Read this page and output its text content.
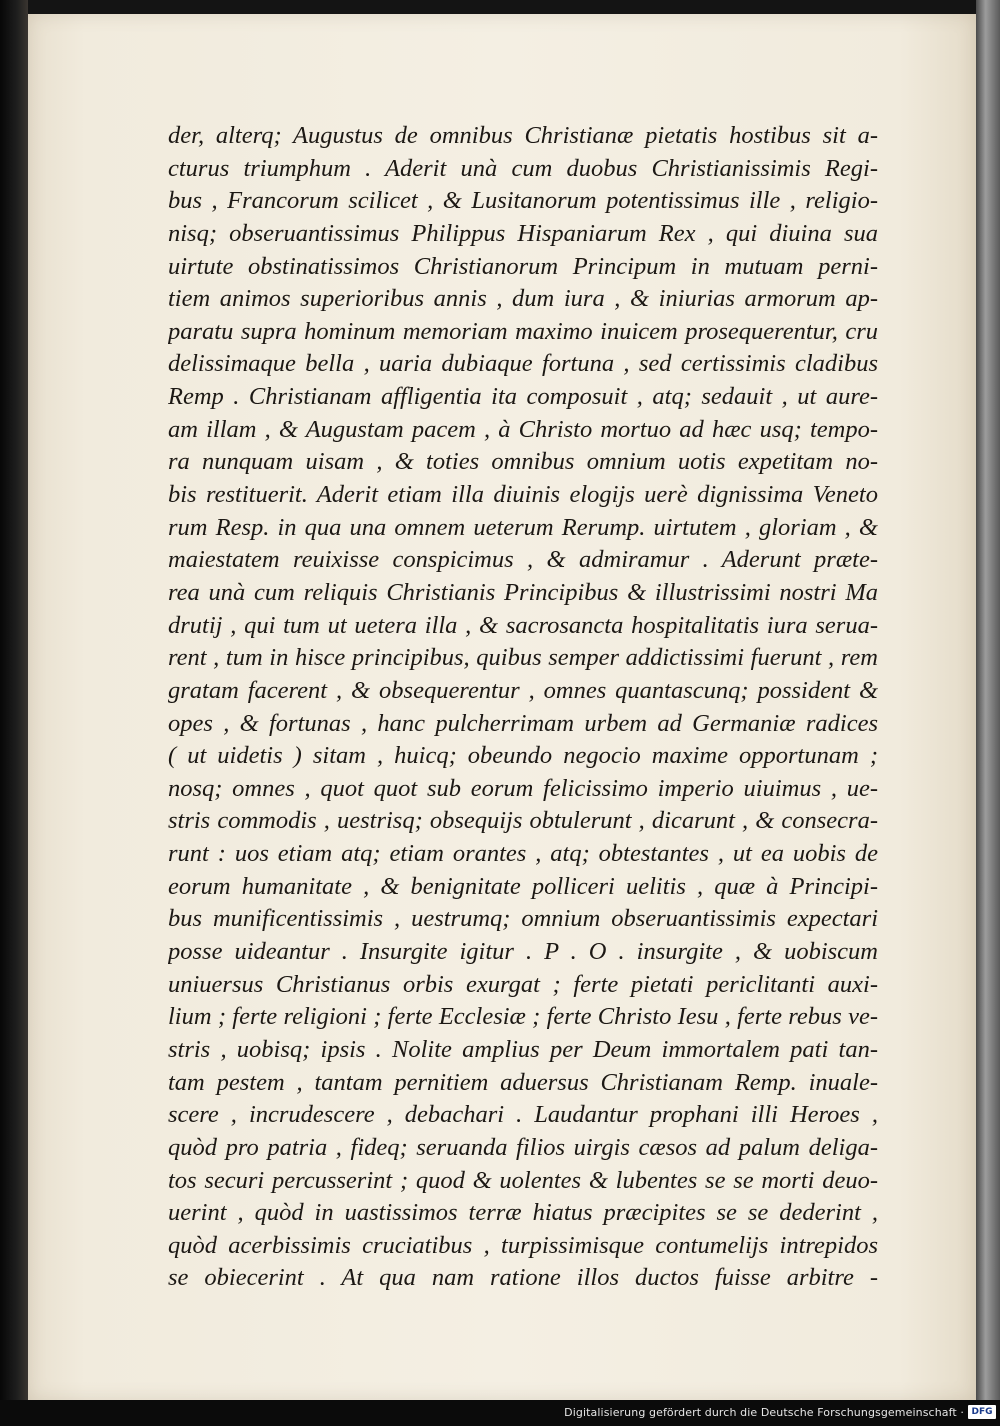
der, alterq; Augustus de omnibus Christianæ pietatis hostibus sit a-
cturus triumphum . Aderit unà cum duobus Christianissimis Regi-
bus , Francorum scilicet , & Lusitanorum potentissimus ille , religio-
nisq; obseruantissimus Philippus Hispaniarum Rex , qui diuina sua
uirtute obstinatissimos Christianorum Principum in mutuam perni-
tiem animos superioribus annis , dum iura , & iniurias armorum ap-
paratu supra hominum memoriam maximo inuicem prosequerentur, cru
delissimaque bella , uaria dubiaque fortuna , sed certissimis cladibus
Remp . Christianam affligentia ita composuit , atq; sedauit , ut aure-
am illam , & Augustam pacem , à Christo mortuo ad hæc usq; tempo-
ra nunquam uisam , & toties omnibus omnium uotis expetitam no-
bis restituerit. Aderit etiam illa diuinis elogijs uerè dignissima Veneto
rum Resp. in qua una omnem ueterum Rerump. uirtutem , gloriam , &
maiestatem reuixisse conspicimus , & admiramur . Aderunt præte-
rea unà cum reliquis Christianis Principibus & illustrissimi nostri Ma
drutij , qui tum ut uetera illa , & sacrosancta hospitalitatis iura serua-
rent , tum in hisce principibus, quibus semper addictissimi fuerunt , rem
gratam facerent , & obsequerentur , omnes quantascunq; possident &
opes , & fortunas , hanc pulcherrimam urbem ad Germaniæ radices
( ut uidetis ) sitam , huicq; obeundo negocio maxime opportunam ;
nosq; omnes , quot quot sub eorum felicissimo imperio uiuimus , ue-
stris commodis , uestrisq; obsequijs obtulerunt , dicarunt , & consecra-
runt : uos etiam atq; etiam orantes , atq; obtestantes , ut ea uobis de
eorum humanitate , & benignitate polliceri uelitis , quæ à Principi-
bus munificentissimis , uestrumq; omnium obseruantissimis expectari
posse uideantur . Insurgite igitur . P . O . insurgite , & uobiscum
uniuersus Christianus orbis exurgat ; ferte pietati periclitanti auxi-
lium ; ferte religioni ; ferte Ecclesiæ ; ferte Christo Iesu , ferte rebus ve-
stris , uobisq; ipsis . Nolite amplius per Deum immortalem pati tan-
tam pestem , tantam pernitiem aduersus Christianam Remp. inuale-
scere , incrudescere , debachari . Laudantur prophani illi Heroes ,
quòd pro patria , fideq; seruanda filios uirgis cæsos ad palum deliga-
tos securi percusserint ; quod & uolentes & lubentes se se morti deuo-
uerint , quòd in uastissimos terræ hiatus præcipites se se dederint ,
quòd acerbissimis cruciatibus , turpissimisque contumelijs intrepidos
se obiecerint . At qua nam ratione illos ductos fuisse arbitre -
Digitalisierung gefördert durch die Deutsche Forschungsgemeinschaft · DFG
